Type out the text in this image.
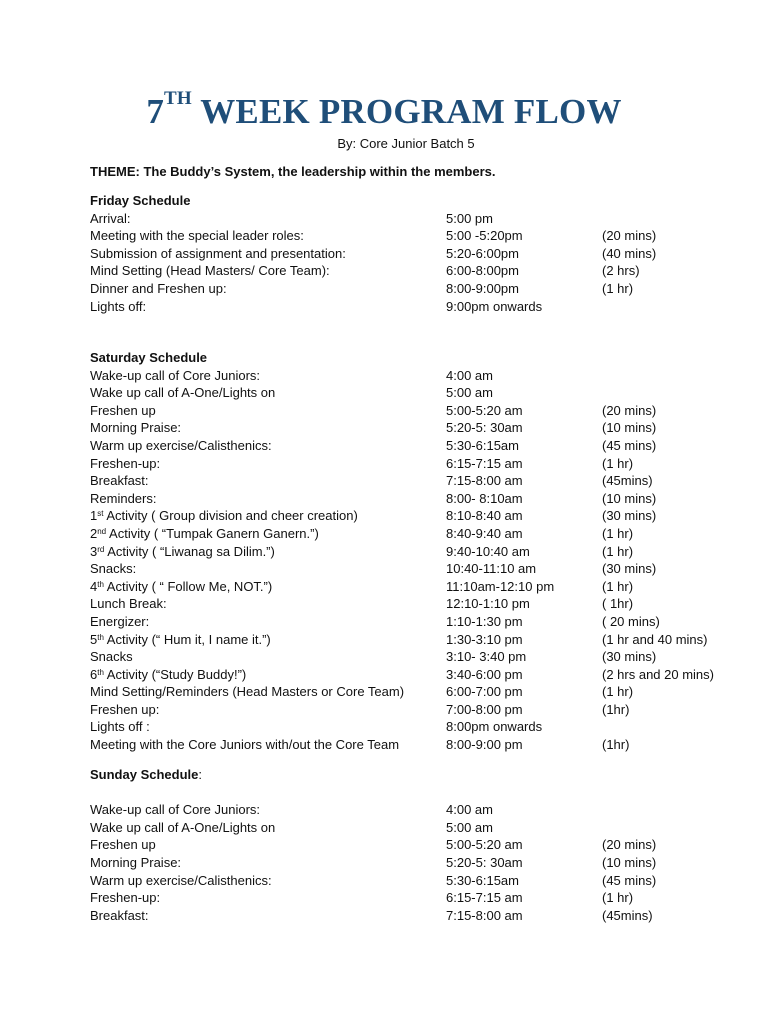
7TH WEEK PROGRAM FLOW
By: Core Junior Batch 5
THEME: The Buddy’s System, the leadership within the members.
Friday Schedule
Arrival:	5:00 pm
Meeting with the special leader roles:	5:00 -5:20pm	(20 mins)
Submission of assignment and presentation:	5:20-6:00pm	(40 mins)
Mind Setting (Head Masters/ Core Team):	6:00-8:00pm	(2 hrs)
Dinner and Freshen up:	8:00-9:00pm	(1 hr)
Lights off:	9:00pm onwards
Saturday Schedule
Wake-up call of Core Juniors:	4:00 am
Wake up call of A-One/Lights on	5:00 am
Freshen up	5:00-5:20 am	(20 mins)
Morning Praise:	5:20-5: 30am	(10 mins)
Warm up exercise/Calisthenics:	5:30-6:15am	(45 mins)
Freshen-up:	6:15-7:15 am	(1 hr)
Breakfast:	7:15-8:00 am	(45mins)
Reminders:	8:00- 8:10am	(10 mins)
1st Activity ( Group division and cheer creation)	8:10-8:40 am	(30 mins)
2nd Activity ( “Tumpak Ganern Ganern.”)	8:40-9:40 am	(1 hr)
3rd Activity ( “Liwanag sa Dilim.”)	9:40-10:40 am	(1 hr)
Snacks:	10:40-11:10 am	(30 mins)
4th Activity ( “ Follow Me, NOT.”)	11:10am-12:10 pm	(1 hr)
Lunch Break:	12:10-1:10 pm	( 1hr)
Energizer:	1:10-1:30 pm	( 20 mins)
5th Activity (“ Hum it, I name it.”)	1:30-3:10 pm	(1 hr and 40 mins)
Snacks	3:10- 3:40 pm	(30 mins)
6th Activity (“Study Buddy!”)	3:40-6:00 pm	(2 hrs and 20 mins)
Mind Setting/Reminders (Head Masters or Core Team)	6:00-7:00 pm	(1 hr)
Freshen up:	7:00-8:00 pm	(1hr)
Lights off :	8:00pm onwards
Meeting with the Core Juniors with/out the Core Team	8:00-9:00 pm	(1hr)
Sunday Schedule:
Wake-up call of Core Juniors:	4:00 am
Wake up call of A-One/Lights on	5:00 am
Freshen up	5:00-5:20 am	(20 mins)
Morning Praise:	5:20-5: 30am	(10 mins)
Warm up exercise/Calisthenics:	5:30-6:15am	(45 mins)
Freshen-up:	6:15-7:15 am	(1 hr)
Breakfast:	7:15-8:00 am	(45mins)
